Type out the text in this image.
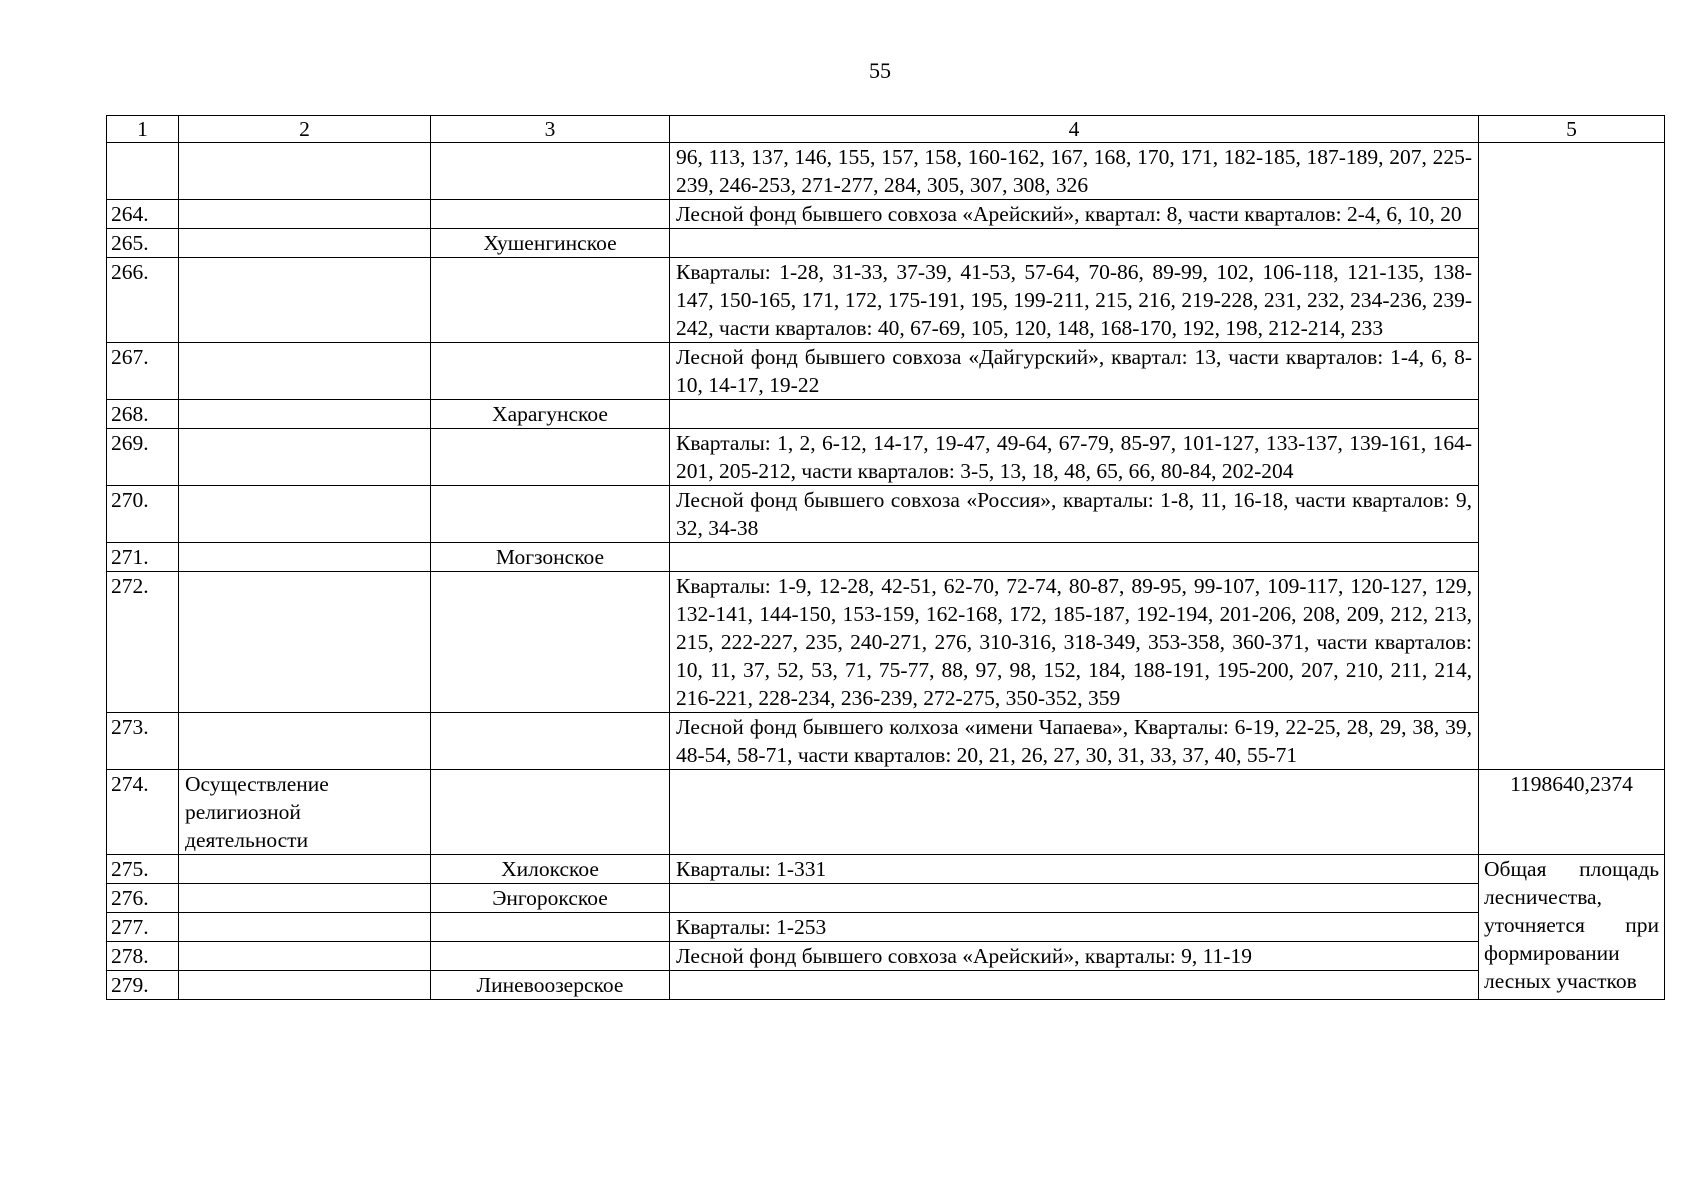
55
1	2	3	4	5
			96, 113, 137, 146, 155, 157, 158, 160-162, 167, 168, 170, 171, 182-185, 187-189, 207, 225-239, 246-253, 271-277, 284, 305, 307, 308, 326	
264.			Лесной фонд бывшего совхоза «Арейский», квартал: 8, части кварталов: 2-4, 6, 10, 20	
265.		Хушенгинское		
266.			Кварталы: 1-28, 31-33, 37-39, 41-53, 57-64, 70-86, 89-99, 102, 106-118, 121-135, 138-147, 150-165, 171, 172, 175-191, 195, 199-211, 215, 216, 219-228, 231, 232, 234-236, 239-242, части кварталов: 40, 67-69, 105, 120, 148, 168-170, 192, 198, 212-214, 233	
267.			Лесной фонд бывшего совхоза «Дайгурский», квартал: 13, части кварталов: 1-4, 6, 8-10, 14-17, 19-22	
268.		Харагунское		
269.			Кварталы: 1, 2, 6-12, 14-17, 19-47, 49-64, 67-79, 85-97, 101-127, 133-137, 139-161, 164-201, 205-212, части кварталов: 3-5, 13, 18, 48, 65, 66, 80-84, 202-204	
270.			Лесной фонд бывшего совхоза «Россия», кварталы: 1-8, 11, 16-18, части кварталов: 9, 32, 34-38	
271.		Могзонское		
272.			Кварталы: 1-9, 12-28, 42-51, 62-70, 72-74, 80-87, 89-95, 99-107, 109-117, 120-127, 129, 132-141, 144-150, 153-159, 162-168, 172, 185-187, 192-194, 201-206, 208, 209, 212, 213, 215, 222-227, 235, 240-271, 276, 310-316, 318-349, 353-358, 360-371, части кварталов: 10, 11, 37, 52, 53, 71, 75-77, 88, 97, 98, 152, 184, 188-191, 195-200, 207, 210, 211, 214, 216-221, 228-234, 236-239, 272-275, 350-352, 359	
273.			Лесной фонд бывшего колхоза «имени Чапаева», Кварталы: 6-19, 22-25, 28, 29, 38, 39, 48-54, 58-71, части кварталов: 20, 21, 26, 27, 30, 31, 33, 37, 40, 55-71	
274.	Осуществление религиозной деятельности			1198640,2374
275.		Хилокское	Кварталы: 1-331	Общая площадь лесничества, уточняется при формировании лесных участков
276.		Энгорокское		
277.			Кварталы: 1-253	
278.			Лесной фонд бывшего совхоза «Арейский», кварталы: 9, 11-19	
279.		Линевоозерское		
